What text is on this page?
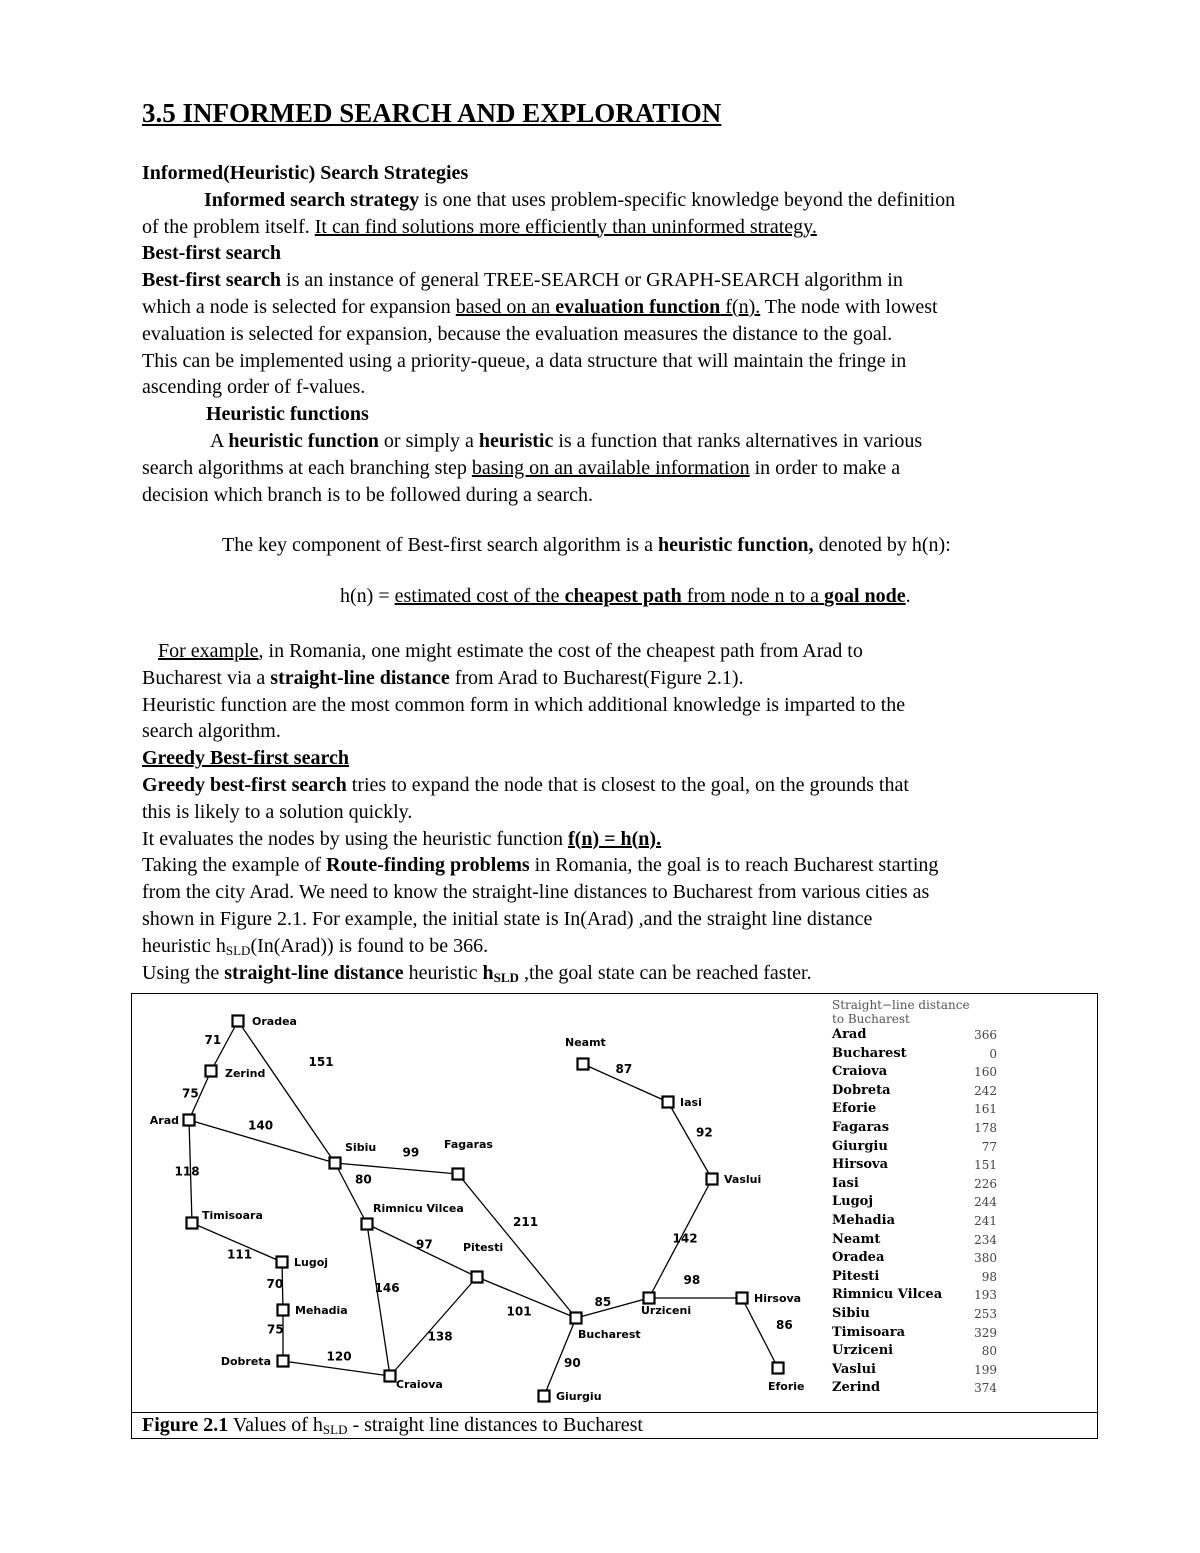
3.5 INFORMED SEARCH AND EXPLORATION
Informed(Heuristic) Search Strategies
Informed search strategy is one that uses problem-specific knowledge beyond the definition
of the problem itself. It can find solutions more efficiently than uninformed strategy.
Best-first search
Best-first search is an instance of general TREE-SEARCH or GRAPH-SEARCH algorithm in
which a node is selected for expansion based on an evaluation function f(n). The node with lowest
evaluation is selected for expansion, because the evaluation measures the distance to the goal.
This can be implemented using a priority-queue, a data structure that will maintain the fringe in
ascending order of f-values.
Heuristic functions
A heuristic function or simply a heuristic is a function that ranks alternatives in various
search algorithms at each branching step basing on an available information in order to make a
decision which branch is to be followed during a search.
The key component of Best-first search algorithm is a heuristic function, denoted by h(n):
h(n) = estimated cost of the cheapest path from node n to a goal node.
For example, in Romania, one might estimate the cost of the cheapest path from Arad to
Bucharest via a straight-line distance from Arad to Bucharest(Figure 2.1).
Heuristic function are the most common form in which additional knowledge is imparted to the
search algorithm.
Greedy Best-first search
Greedy best-first search tries to expand the node that is closest to the goal, on the grounds that
this is likely to a solution quickly.
It evaluates the nodes by using the heuristic function f(n) = h(n).
Taking the example of Route-finding problems in Romania, the goal is to reach Bucharest starting
from the city Arad. We need to know the straight-line distances to Bucharest from various cities as
shown in Figure 2.1. For example, the initial state is In(Arad) ,and the straight line distance
heuristic $h_{SLD}(In(Arad))$ is found to be 366.
Using the straight-line distance heuristic $h_{SLD}$ ,the goal state can be reached faster.
71
75
151
140
118
99
80
111
70
75
120
146
97
138
211
101
90
85
98
86
142
92
87
Oradea
Zerind
Arad
Sibiu	Fagaras
Timisoara
Rimnicu Vilcea
Lugoj
Pitesti
Mehadia
Dobreta
Craiova
Bucharest
Giurgiu
Urziceni
Hirsova
Eforie
Vaslui
Iasi
Neamt
Straight−line distance
to Bucharest
Arad	366
Bucharest	0
Craiova	160
Dobreta	242
Eforie	161
Fagaras	178
Giurgiu	77
Hirsova	151
Iasi	226
Lugoj	244
Mehadia	241
Neamt	234
Oradea	380
Pitesti	98
Rimnicu Vilcea	193
Sibiu	253
Timisoara	329
Urziceni	80
Vaslui	199
Zerind	374
Figure 2.1 Values of $h_{SLD}$ - straight line distances to Bucharest
